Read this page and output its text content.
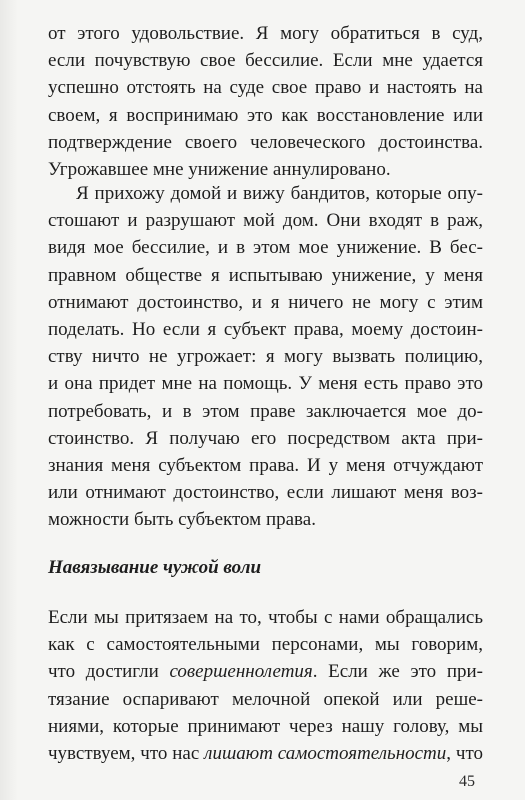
от этого удовольствие. Я могу обратиться в суд,
если почувствую свое бессилие. Если мне удается
успешно отстоять на суде свое право и настоять на
своем, я воспринимаю это как восстановление или
подтверждение своего человеческого достоинства.
Угрожавшее мне унижение аннулировано.
Я прихожу домой и вижу бандитов, которые опу-
стошают и разрушают мой дом. Они входят в раж,
видя мое бессилие, и в этом мое унижение. В бес-
правном обществе я испытываю унижение, у меня
отнимают достоинство, и я ничего не могу с этим
поделать. Но если я субъект права, моему достоин-
ству ничто не угрожает: я могу вызвать полицию,
и она придет мне на помощь. У меня есть право это
потребовать, и в этом праве заключается мое до-
стоинство. Я получаю его посредством акта при-
знания меня субъектом права. И у меня отчуждают
или отнимают достоинство, если лишают меня воз-
можности быть субъектом права.
Навязывание чужой воли
Если мы притязаем на то, чтобы с нами обращались
как с самостоятельными персонами, мы говорим,
что достигли совершеннолетия. Если же это при-
тязание оспаривают мелочной опекой или реше-
ниями, которые принимают через нашу голову, мы
чувствуем, что нас лишают самостоятельности, что
45
